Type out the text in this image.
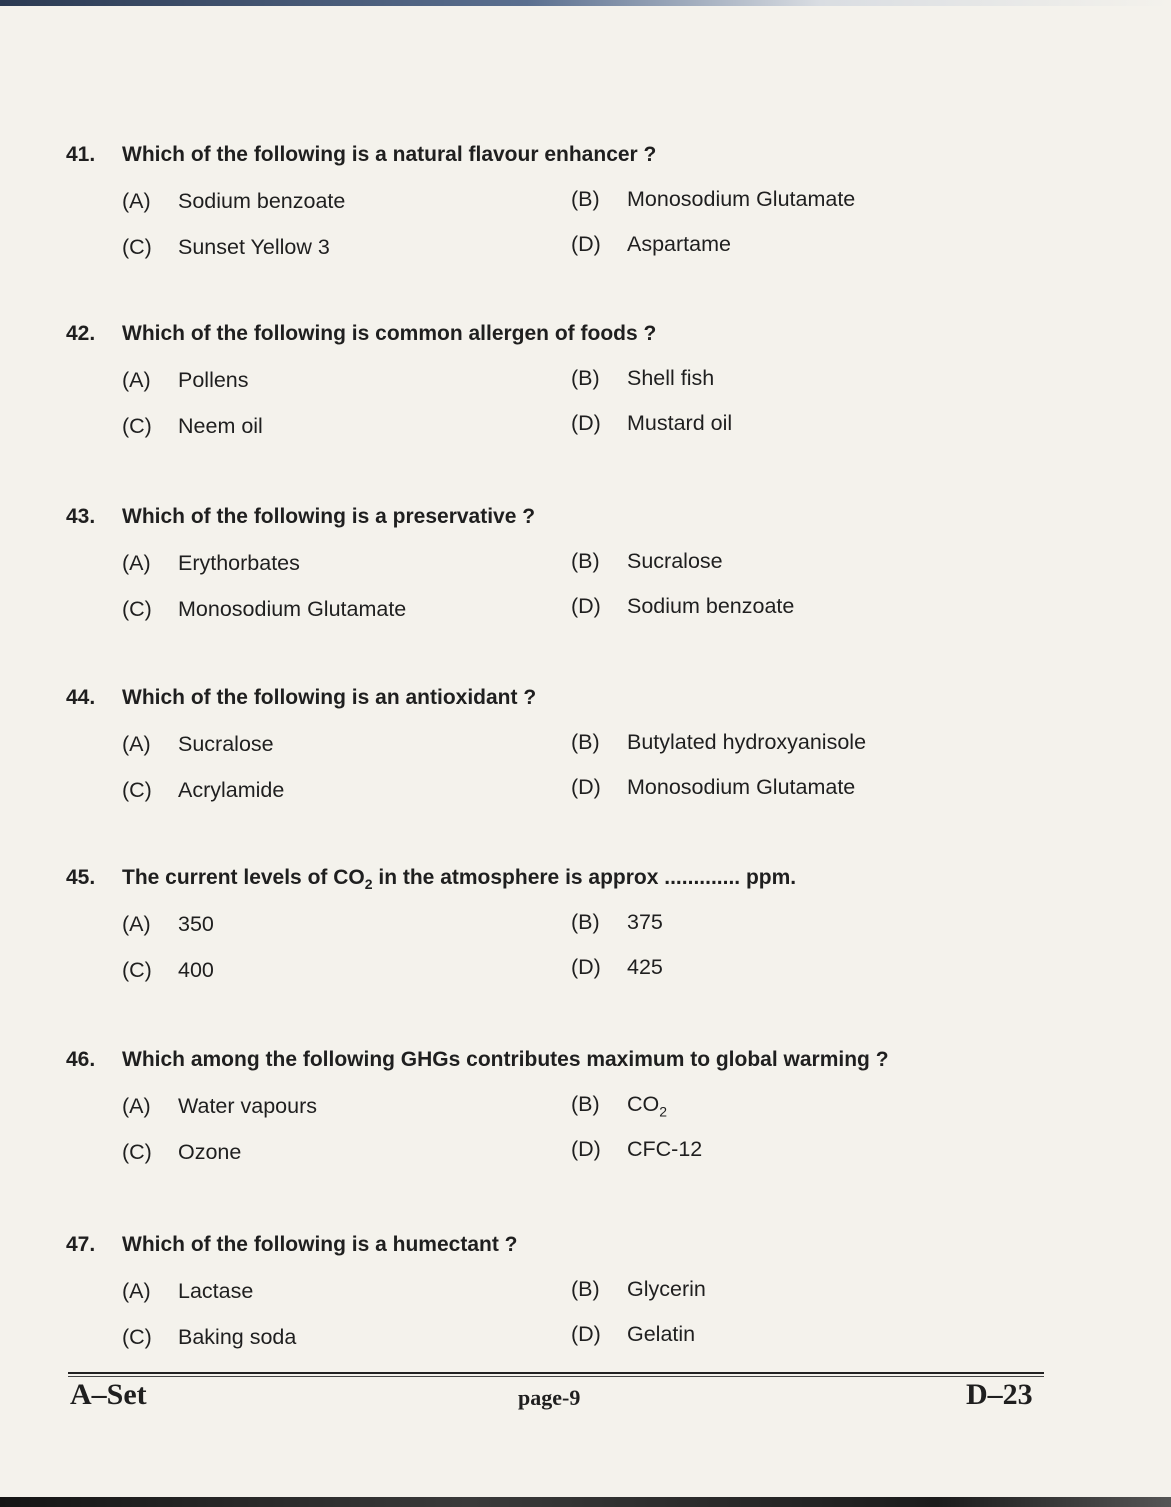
41. Which of the following is a natural flavour enhancer ?
(A) Sodium benzoate	(B) Monosodium Glutamate
(C) Sunset Yellow 3	(D) Aspartame
42. Which of the following is common allergen of foods ?
(A) Pollens	(B) Shell fish
(C) Neem oil	(D) Mustard oil
43. Which of the following is a preservative ?
(A) Erythorbates	(B) Sucralose
(C) Monosodium Glutamate	(D) Sodium benzoate
44. Which of the following is an antioxidant ?
(A) Sucralose	(B) Butylated hydroxyanisole
(C) Acrylamide	(D) Monosodium Glutamate
45. The current levels of $CO_2$ in the atmosphere is approx ............. ppm.
(A) 350	(B) 375
(C) 400	(D) 425
46. Which among the following GHGs contributes maximum to global warming ?
(A) Water vapours	(B) $CO_2$
(C) Ozone	(D) CFC-12
47. Which of the following is a humectant ?
(A) Lactase	(B) Glycerin
(C) Baking soda	(D) Gelatin
A–Set	page-9	D–23
